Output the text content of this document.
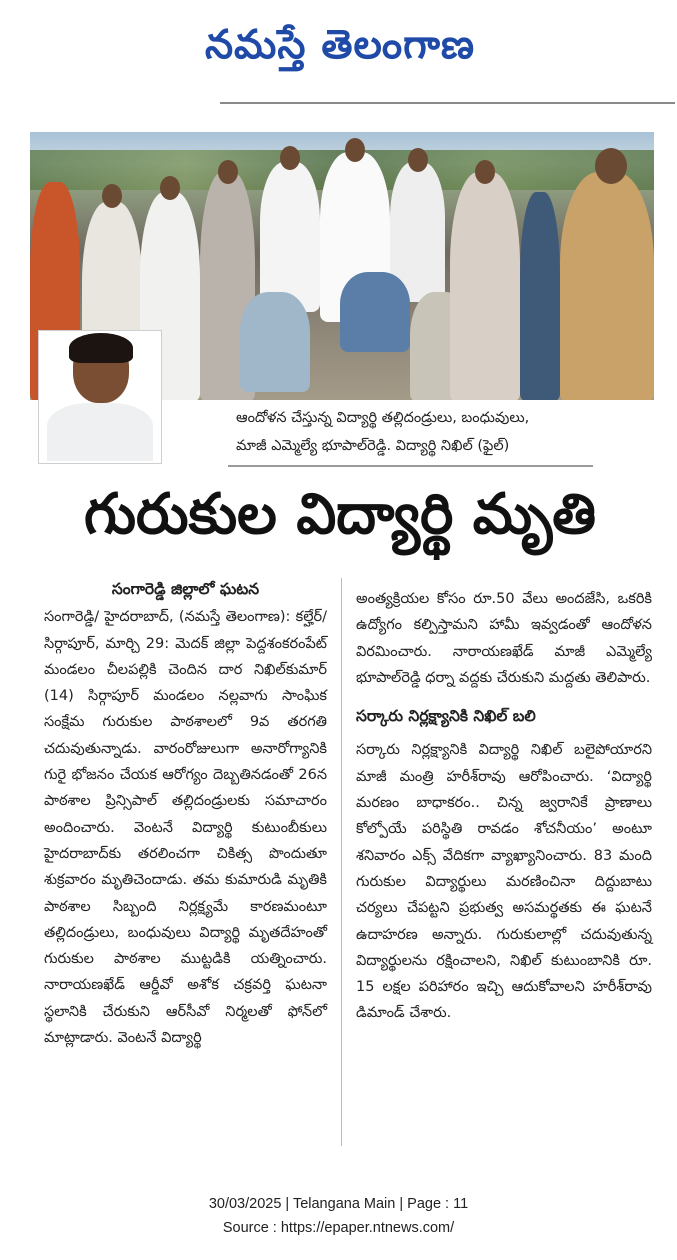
నమస్తే తెలంగాణ
ఆందోళన చేస్తున్న విద్యార్థి తల్లిదండ్రులు, బంధువులు,
మాజీ ఎమ్మెల్యే భూపాల్‌రెడ్డి. విద్యార్థి నిఖిల్ (ఫైల్)
గురుకుల విద్యార్థి మృతి
సంగారెడ్డి జిల్లాలో ఘటన
సంగారెడ్డి/ హైదరాబాద్, (నమస్తే తెలంగాణ): కల్హేర్/సిర్గాపూర్, మార్చి 29: మెదక్ జిల్లా పెద్దశంకరంపేట్ మండలం చీలపల్లికి చెందిన దార నిఖిల్‌కుమార్ (14) సిర్గాపూర్ మండలం నల్లవాగు సాంఘిక సంక్షేమ గురుకుల పాఠశాలలో 9వ తరగతి చదువుతున్నాడు. వారంరోజులుగా అనారోగ్యానికి గురై భోజనం చేయక ఆరోగ్యం దెబ్బతినడంతో 26న పాఠశాల ప్రిన్సిపాల్ తల్లిదండ్రులకు సమాచారం అందించారు. వెంటనే విద్యార్థి కుటుంబీకులు హైదరాబాద్‌కు తరలించగా చికిత్స పొందుతూ శుక్రవారం మృతిచెందాడు. తమ కుమారుడి మృతికి పాఠశాల సిబ్బంది నిర్లక్ష్యమే కారణమంటూ తల్లిదండ్రులు, బంధువులు విద్యార్థి మృతదేహంతో గురుకుల పాఠశాల ముట్టడికి యత్నించారు. నారాయణఖేడ్ ఆర్డీవో అశోక చక్రవర్తి ఘటనా స్థలానికి చేరుకుని ఆర్‌సీవో నిర్మలతో ఫోన్‌లో మాట్లాడారు. వెంటనే విద్యార్థి
అంత్యక్రియల కోసం రూ.50 వేలు అందజేసి, ఒకరికి ఉద్యోగం కల్పిస్తామని హామీ ఇవ్వడంతో ఆందోళన విరమించారు. నారాయణఖేడ్ మాజీ ఎమ్మెల్యే భూపాల్‌రెడ్డి ధర్నా వద్దకు చేరుకుని మద్దతు తెలిపారు.
సర్కారు నిర్లక్ష్యానికి నిఖిల్ బలి
సర్కారు నిర్లక్ష్యానికి విద్యార్థి నిఖిల్ బలైపోయారని మాజీ మంత్రి హరీశ్‌రావు ఆరోపించారు. ‘విద్యార్థి మరణం బాధాకరం.. చిన్న జ్వరానికే ప్రాణాలు కోల్పోయే పరిస్థితి రావడం శోచనీయం’ అంటూ శనివారం ఎక్స్ వేదికగా వ్యాఖ్యానించారు. 83 మంది గురుకుల విద్యార్థులు మరణించినా దిద్దుబాటు చర్యలు చేపట్టని ప్రభుత్వ అసమర్థతకు ఈ ఘటనే ఉదాహరణ అన్నారు. గురుకులాల్లో చదువుతున్న విద్యార్థులను రక్షించాలని, నిఖిల్ కుటుంబానికి రూ. 15 లక్షల పరిహారం ఇచ్చి ఆదుకోవాలని హరీశ్‌రావు డిమాండ్ చేశారు.
30/03/2025 | Telangana Main | Page : 11
Source : https://epaper.ntnews.com/
